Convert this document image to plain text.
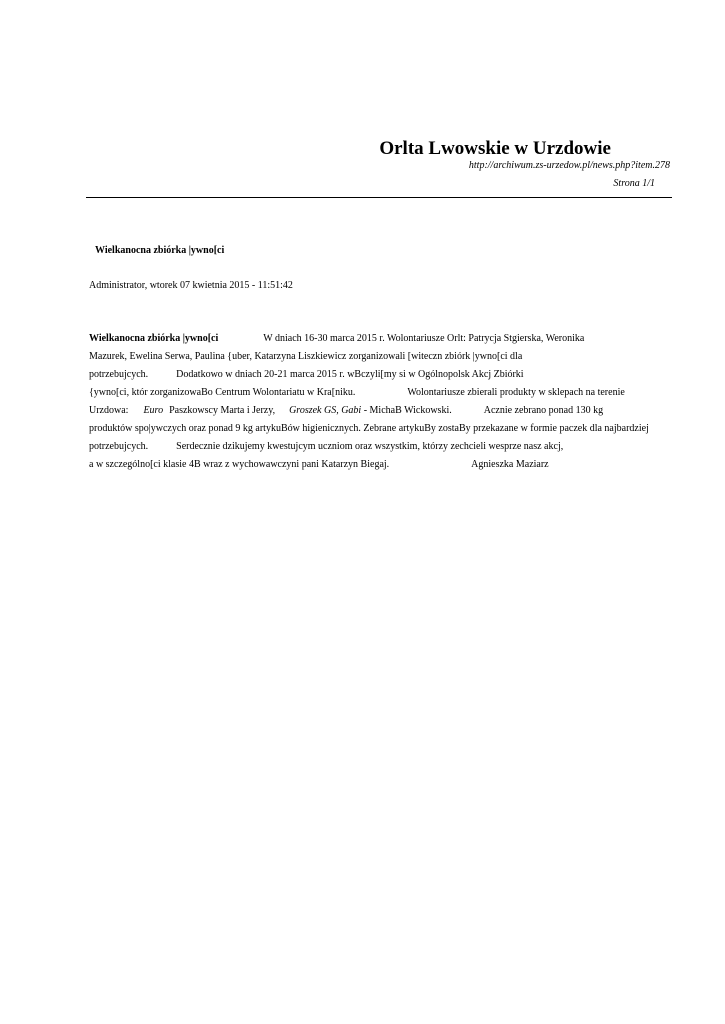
Orlta Lwowskie w Urzdowie
http://archiwum.zs-urzedow.pl/news.php?item.278
Strona 1/1
Wielkanocna zbiórka |ywno[ci
Administrator, wtorek 07 kwietnia 2015 - 11:51:42
Wielkanocna zbiórka |ywno[ci	W dniach 16-30 marca 2015 r. Wolontariusze Orlt: Patrycja Stgierska, Weronika
Mazurek, Ewelina Serwa, Paulina {uber, Katarzyna Liszkiewicz zorganizowali [witeczn zbiórk |ywno[ci dla
potrzebujcych.	Dodatkowo w dniach 20-21 marca 2015 r. wBczyli[my si w Ogólnopolsk Akcj Zbiórki
{ywno[ci, któr zorganizowaBo Centrum Wolontariatu w Kra[niku.	Wolontariusze zbierali produkty w sklepach na terenie
Urzdowa: Euro Paszkowscy Marta i Jerzy, Groszek GS, Gabi - MichaB Wickowski.	Acznie zebrano ponad 130 kg
produktów spo|ywczych oraz ponad 9 kg artykuBów higienicznych. Zebrane artykuBy zostaBy przekazane w formie paczek dla najbardziej
potrzebujcych.	Serdecznie dzikujemy kwestujcym uczniom oraz wszystkim, którzy zechcieli wesprze nasz akcj,
a w szczególno[ci klasie 4B wraz z wychowawczyni pani Katarzyn Biegaj.	Agnieszka Maziarz
